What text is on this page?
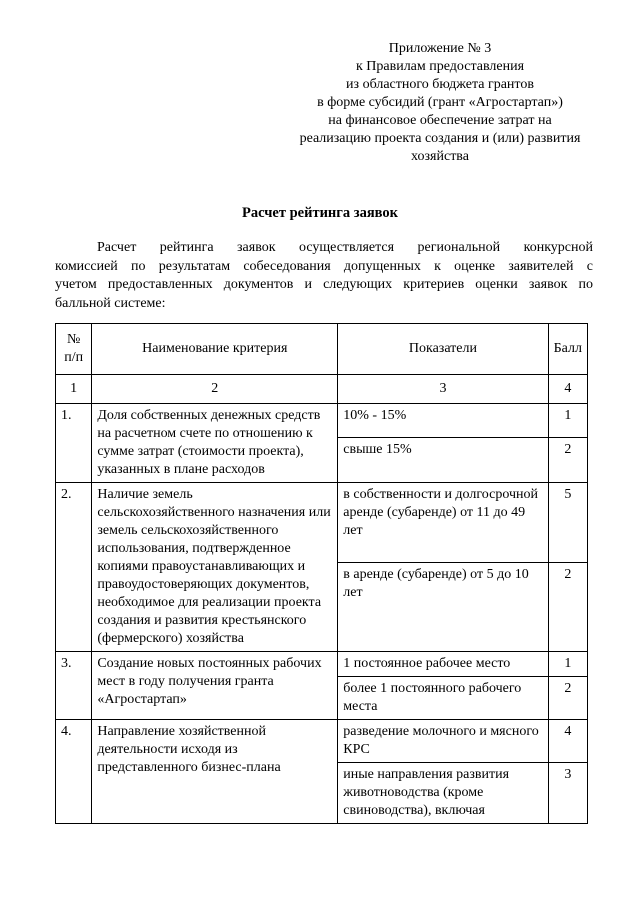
Приложение № 3
к Правилам предоставления
из областного бюджета грантов
в форме субсидий (грант «Агростартап»)
на финансовое обеспечение затрат на
реализацию проекта создания и (или) развития
хозяйства
Расчет рейтинга заявок
Расчет рейтинга заявок осуществляется региональной конкурсной
комиссией по результатам собеседования допущенных к оценке заявителей с
учетом предоставленных документов и следующих критериев оценки заявок по
балльной системе:
№ п/п	Наименование критерия	Показатели	Балл
1	2	3	4
1.	Доля собственных денежных средств на расчетном счете по отношению к сумме затрат (стоимости проекта), указанных в плане расходов	10% - 15%	1
		свыше 15%	2
2.	Наличие земель сельскохозяйственного назначения или земель сельскохозяйственного использования, подтвержденное копиями правоустанавливающих и правоудостоверяющих документов, необходимое для реализации проекта создания и развития крестьянского (фермерского) хозяйства	в собственности и долгосрочной аренде (субаренде) от 11 до 49 лет	5
		в аренде (субаренде) от 5 до 10 лет	2
3.	Создание новых постоянных рабочих мест в году получения гранта «Агростартап»	1 постоянное рабочее место	1
		более 1 постоянного рабочего места	2
4.	Направление хозяйственной деятельности исходя из представленного бизнес-плана	разведение молочного и мясного КРС	4
		иные направления развития животноводства (кроме свиноводства), включая	3
